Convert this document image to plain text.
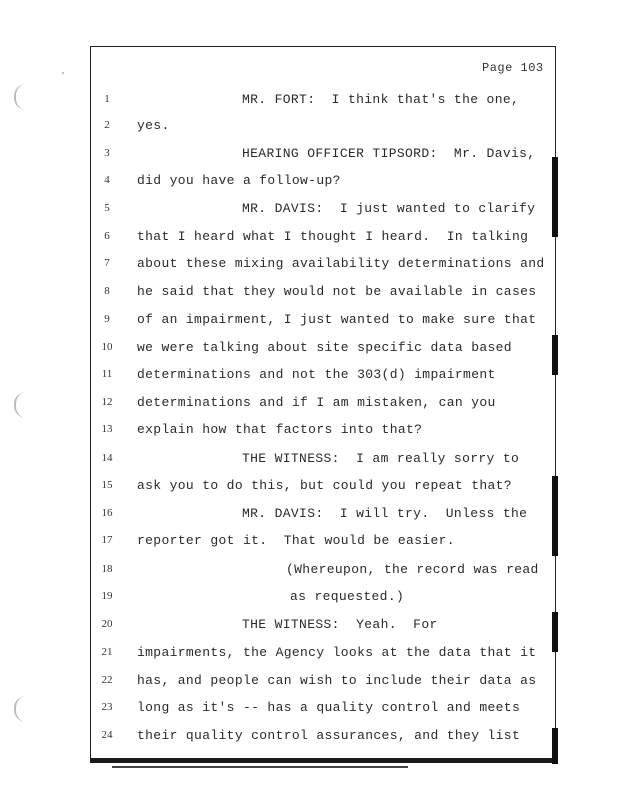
Page 103
1	MR. FORT:  I think that's the one,
2	yes.
3	HEARING OFFICER TIPSORD:  Mr. Davis,
4	did you have a follow-up?
5	MR. DAVIS:  I just wanted to clarify
6	that I heard what I thought I heard.  In talking
7	about these mixing availability determinations and
8	he said that they would not be available in cases
9	of an impairment, I just wanted to make sure that
10 we were talking about site specific data based
11 determinations and not the 303(d) impairment
12 determinations and if I am mistaken, can you
13 explain how that factors into that?
14	THE WITNESS:  I am really sorry to
15 ask you to do this, but could you repeat that?
16	MR. DAVIS:  I will try.  Unless the
17 reporter got it.  That would be easier.
18	(Whereupon, the record was read
19	as requested.)
20	THE WITNESS:  Yeah.  For
21 impairments, the Agency looks at the data that it
22 has, and people can wish to include their data as
23 long as it's -- has a quality control and meets
24 their quality control assurances, and they list
